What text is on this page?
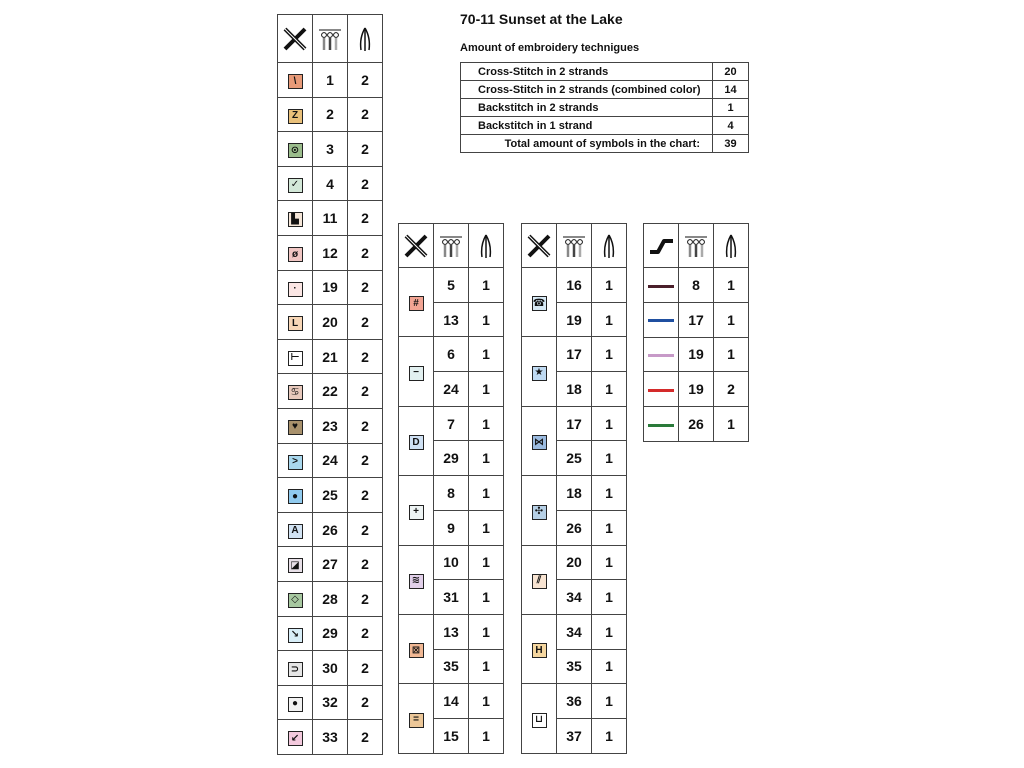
70-11 Sunset at the Lake
Amount of embroidery technigues
Cross-Stitch in 2 strands	20
Cross-Stitch in 2 strands (combined color)	14
Backstitch in 2 strands	1
Backstitch in 1 strand	4
Total amount of symbols in the chart:	39

\	1	2
Z	2	2
⊙	3	2
✓	4	2
▙	11	2
ø	12	2
·	19	2
L	20	2
⊢	21	2
♋	22	2
♥	23	2
>	24	2
●	25	2
A	26	2
◪	27	2
◇	28	2
↘	29	2
⊃	30	2
●	32	2
↙	33	2

#	5	1
	13	1
−	6	1
	24	1
D	7	1
	29	1
+	8	1
	9	1
≋	10	1
	31	1
⊠	13	1
	35	1
=	14	1
	15	1

☎	16	1
	19	1
★	17	1
	18	1
⋈	17	1
	25	1
✣	18	1
	26	1
⫽	20	1
	34	1
H	34	1
	35	1
⊔	36	1
	37	1

	8	1
	17	1
	19	1
	19	2
	26	1
